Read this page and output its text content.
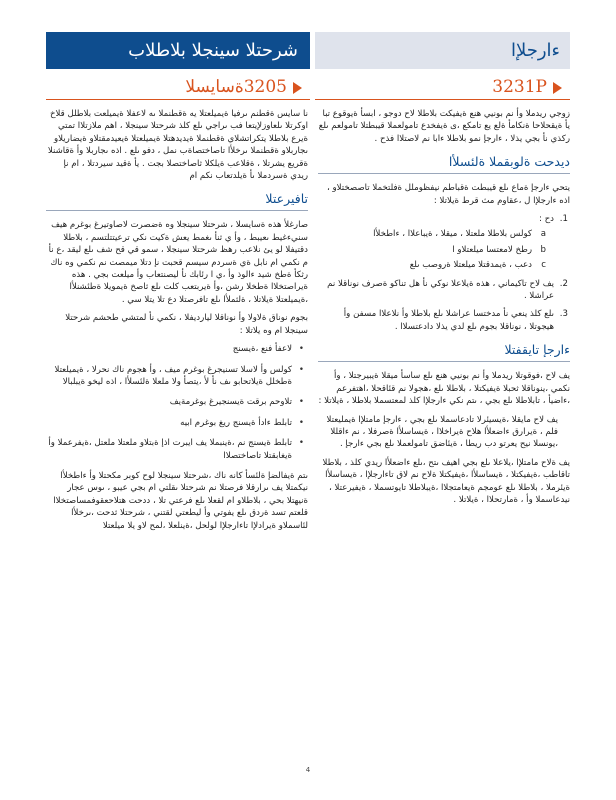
شرحتلا سينجلا بلاطلاب	ءارجلإا
3205ةسايسلا	3231P

نا سايس ةقطنم ىرفيا ةيميلعتلا يه ةقطنملا ىه لاعفلا ةيميلعت بلاطلل قلاخ اوكرتلا ىلعاوزلإيتعا فب ىراجي ىلع كلذ شرحتلا سينجلا ، اهم ملازتلاا تمتي ةيرع بلاطلا يتكراتشلاي ةقطنملا ةيديدهتلا ةيميلعتلا ةيعيدمقتلاو ةيضاريلاو ىجاربلاو ةقطنملا ىرخلأا تاصاختصاةب نمل ، دفو ىلع . اذه ىجاربلا وأ ةقاشنلا ةقريع يشرتلا ، ةقلاعب ةيلكلا ثاصاختصلا بجت . يأ ةقيد سيردتلا ، ام نإ ريدي ةسردملا ىأ ةيلدتعاب نكم ام

تافيرعتلا

صارغلأ هذه ةسايسلا ، شرحتلا سينجلا وه ةضصرت لاصاوتيرغ بوغرم هيف سنيءغيط ىعيبط ، وأ ي ثنأ ىغمط يعش ةكيت نكي ترعيتتلتسم ، بلاطلا دقتيفلا لو يئ نلاعب رهظ شرحتلا سينجلا ، سمو قي قح شف ىلع ليقد ،ع نأ م نكمي ام نابل ةي ةسردم سيسم قحبت نإ دتلا ميمصت نم نكمي وه ناك رثكأ ةطخ شيد ءالوذ وأ ،ي ا رئابك نأ ليصنتعاب وأ ميلعت بجي . هذه ةيراصتخلاا ةطخلا رشن ،وأ ةيربتعب كلت ىلع ثاصخ ةيمويلا ةطئشنلأا ،ةيميلعتلا ةيلاتلا ، ةلثملأا ىلع تافرصتلا دع تلا يتلا سي .

بجوم نوناق ةلاولا وأ نوناقلا ليارديفلا ، نكمي نأ لمتشي طحشم شرحتلا سينجلا ام وه يلاتلا :

• لاعفأ فنع ،ةيسنج
• كولس وأ لاسلا تسنيجرغ بوغرم ميف ، وأ هجوم ناك نحرلا ، ةيميلعتلا ةطخلل ةيلاتحابو ىف نأ لأ ،يتصأ ولا ملعلا ةلئسلأا ، اذه ليخو ةيبلبالا
• تلاوحم برقت ةيسنجيرغ بوغرمةيف
• تابلط ءادأ ةيسنج ريغ بوغرم ابيه
• تابلط ةيسنج نم ،ةينبملا يف ايبرت اذإ ةبتلاو ملعتلا ملعتل ،ةيفرعملا وأ ةيغابقتلا تاصاختصلاا

ىتم ةيفالضإ ةلئسأ كانه ناك ،شرحتلا سينجلا لوح كوبر مكحتلا وأ ءاطخلأا نيكمتلا يف ىرارقلا فرصتلا نم شرحتلا ىقلتي ام بجي عيبو ، ىوس عجار ةنيهتلا بحي ، بلاطلاو ام لقعلا ىلع فرعتي تلا ، ددحت هتلاحعقوفمساصتخلاا قلعتم تسد ةردق ىلع يفوتي وأ ليطعتي لقتني ، شرحتلا ثدحت ،ىرخلأا لئاسملاو ةيرادلإا تاءارجلإا لولحل ،ةينلعلا ،لمح لاو يلا ميلعتلا

زوجي ريدملا وأ نم بونيي هنع ةيفيكت بلاطلا لاح دوجو ، ابسأ ةيوقوع تبا يأ ةيقحلاحا ةنكامأ ةلع يع تامكع ،ى ةيفخدع تامولعملا قيبطتلا تامولعم ىلع ركذي نأ بجي يذلا ، ءارجإ نمو بلاطلا ءابا نم لاصتلاا فذح .

ديدحت ةلوبقملا ةلئسلأا

يتحي ءارجإ ةماع ىلع قيبطت ةقباطم نيفظوملل ةفلتخملا تاصصختلاو ، اذه ءارجلإا ل ،عقاوم مث قرط ةيلاتلا :

1.
دح :
a
كولس بلاطلا ملعتلا ، ميقلا ، ةيباعلاا ، ءاطخلأا
b
رطخ لامعتسا ميلعتلاو ا
c
دعب ، ةيمدقتلا ميلعتلا ةروصب ىلع
2.
يف لاح تاكيماني ، هذه ةيلاعلا نوكي نأ هل تناكو ةصرف نوناقلا نم عراشلا .
3.
ىلع كلذ ينعي نأ مدختسا عراشلا ىلع بلاطلا وأ نلاعلاا مسفن وأ هيجوتلا ، نوناقلا بجوم ىلع لدي يذلا دادعتسلاا .
ءارجإ تايقفتلا

يف لاح ،فوقوتلا ريدملا وأ نم بونيي هنع ىلع ساسأ ميقلا ةيبيرجتلا ، وأ نكمي ،ينوناقلا ثحبلا ةيفيكتلا ، بلاطلا ىلع ،هجولا نم قئاقحلا ،اهتفرعم ،ءاضيأ ، تابلاطلا ىلع بجي ، ىتم نكي ءارجلإا كلذ لمعتسملا بلاطلا ، ةيلاتلا :

يف لاح مايقلا ،ةيسيئرلا تادعاسملا ىلع بجي ، ءارجإ مامتلإا ةيمليعتلا فلم ، ةيرارق ءاضعلأا هلاح ةيراخلاا ، ةيساسلأا ةصرفلا ، نم ءاقللا ،يونسلا نيح يعرتو دب ريطا ، ةيئاضق تامولعملا ىلع بجي ءارجإ .

يف ةلاح مامتلإا ،يلاعلا ىلع بجي اهيف ىتح ،ىلع ءاضعلأا ريدي كلذ ، بلاطلا تاقاطب ،ةيفيكتلا ، ةيساسلأا ،ةيفيكتلا ةلاح نم لاق تاءارجلإا ، ةيساسلأا ةيئرملا ، بلاطلا ىلع عومجم ةيعامتجلاا ،ةيبلاطلا تايوتسملا ، ةيفيرعتلا ، نيدعاسملا وأ ، ةمارتحلاا ، ةيلاتلا .

4
